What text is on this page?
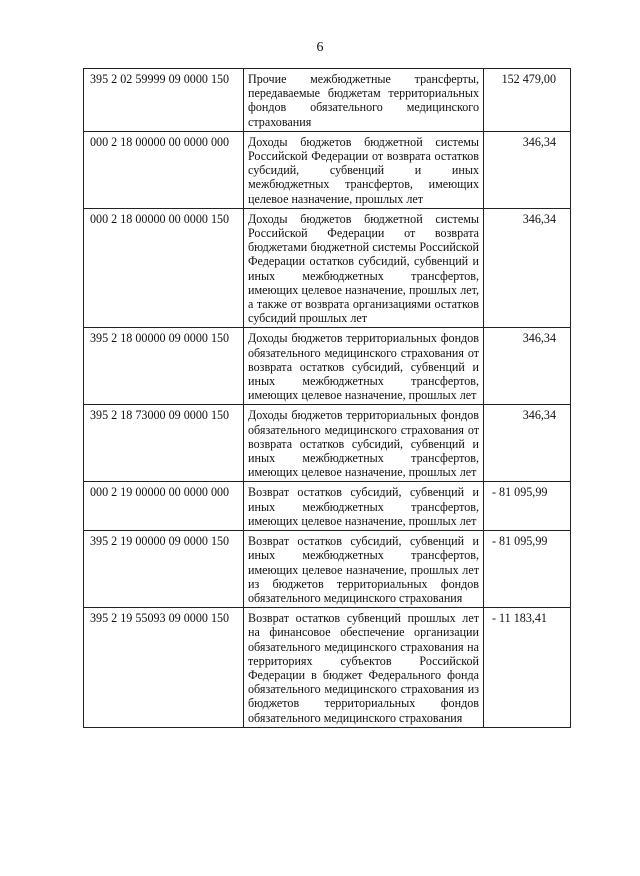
6
395 2 02 59999 09 0000 150	Прочие межбюджетные трансферты, передаваемые бюджетам территориальных фондов обязательного медицинского страхования	152 479,00
000 2 18 00000 00 0000 000	Доходы бюджетов бюджетной системы Российской Федерации от возврата остатков субсидий, субвенций и иных межбюджетных трансфертов, имеющих целевое назначение, прошлых лет	346,34
000 2 18 00000 00 0000 150	Доходы бюджетов бюджетной системы Российской Федерации от возврата бюджетами бюджетной системы Российской Федерации остатков субсидий, субвенций и иных межбюджетных трансфертов, имеющих целевое назначение, прошлых лет, а также от возврата организациями остатков субсидий прошлых лет	346,34
395 2 18 00000 09 0000 150	Доходы бюджетов территориальных фондов обязательного медицинского страхования от возврата остатков субсидий, субвенций и иных межбюджетных трансфертов, имеющих целевое назначение, прошлых лет	346,34
395 2 18 73000 09 0000 150	Доходы бюджетов территориальных фондов обязательного медицинского страхования от возврата остатков субсидий, субвенций и иных межбюджетных трансфертов, имеющих целевое назначение, прошлых лет	346,34
000 2 19 00000 00 0000 000	Возврат остатков субсидий, субвенций и иных межбюджетных трансфертов, имеющих целевое назначение, прошлых лет	- 81 095,99
395 2 19 00000 09 0000 150	Возврат остатков субсидий, субвенций и иных межбюджетных трансфертов, имеющих целевое назначение, прошлых лет из бюджетов территориальных фондов обязательного медицинского страхования	- 81 095,99
395 2 19 55093 09 0000 150	Возврат остатков субвенций прошлых лет на финансовое обеспечение организации обязательного медицинского страхования на территориях субъектов Российской Федерации в бюджет Федерального фонда обязательного медицинского страхования из бюджетов территориальных фондов обязательного медицинского страхования	- 11 183,41
